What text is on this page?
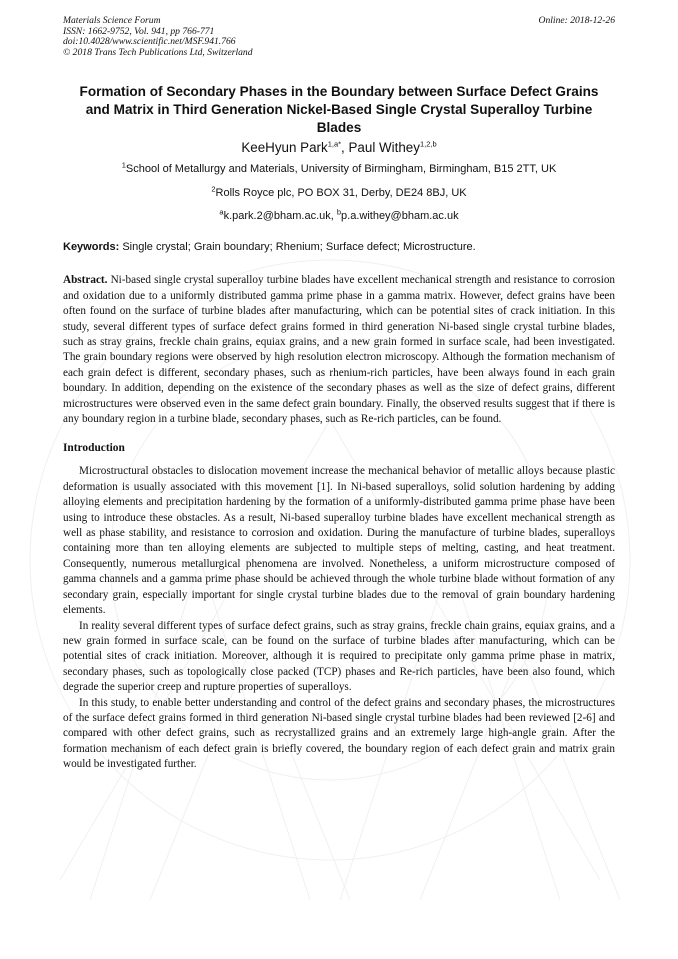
Materials Science Forum
ISSN: 1662-9752, Vol. 941, pp 766-771
doi:10.4028/www.scientific.net/MSF.941.766
© 2018 Trans Tech Publications Ltd, Switzerland
Online: 2018-12-26
Formation of Secondary Phases in the Boundary between Surface Defect Grains and Matrix in Third Generation Nickel-Based Single Crystal Superalloy Turbine Blades
KeeHyun Park$^{1,a*}$, Paul Withey$^{1,2,b}$
$^1$School of Metallurgy and Materials, University of Birmingham, Birmingham, B15 2TT, UK
$^2$Rolls Royce plc, PO BOX 31, Derby, DE24 8BJ, UK
$^a$k.park.2@bham.ac.uk, $^b$p.a.withey@bham.ac.uk
Keywords: Single crystal; Grain boundary; Rhenium; Surface defect; Microstructure.
Abstract. Ni-based single crystal superalloy turbine blades have excellent mechanical strength and resistance to corrosion and oxidation due to a uniformly distributed gamma prime phase in a gamma matrix. However, defect grains have been often found on the surface of turbine blades after manufacturing, which can be potential sites of crack initiation. In this study, several different types of surface defect grains formed in third generation Ni-based single crystal turbine blades, such as stray grains, freckle chain grains, equiax grains, and a new grain formed in surface scale, had been investigated. The grain boundary regions were observed by high resolution electron microscopy. Although the formation mechanism of each grain defect is different, secondary phases, such as rhenium-rich particles, have been always found in each grain boundary. In addition, depending on the existence of the secondary phases as well as the size of defect grains, different microstructures were observed even in the same defect grain boundary. Finally, the observed results suggest that if there is any boundary region in a turbine blade, secondary phases, such as Re-rich particles, can be found.
Introduction

Microstructural obstacles to dislocation movement increase the mechanical behavior of metallic alloys because plastic deformation is usually associated with this movement [1]. In Ni-based superalloys, solid solution hardening by adding alloying elements and precipitation hardening by the formation of a uniformly-distributed gamma prime phase have been using to introduce these obstacles. As a result, Ni-based superalloy turbine blades have excellent mechanical strength as well as phase stability, and resistance to corrosion and oxidation. During the manufacture of turbine blades, superalloys containing more than ten alloying elements are subjected to multiple steps of melting, casting, and heat treatment. Consequently, numerous metallurgical phenomena are involved. Nonetheless, a uniform microstructure composed of gamma channels and a gamma prime phase should be achieved through the whole turbine blade without formation of any secondary grain, especially important for single crystal turbine blades due to the removal of grain boundary hardening elements.

In reality several different types of surface defect grains, such as stray grains, freckle chain grains, equiax grains, and a new grain formed in surface scale, can be found on the surface of turbine blades after manufacturing, which can be potential sites of crack initiation. Moreover, although it is required to precipitate only gamma prime phase in matrix, secondary phases, such as topologically close packed (TCP) phases and Re-rich particles, have been also found, which degrade the superior creep and rupture properties of superalloys.

In this study, to enable better understanding and control of the defect grains and secondary phases, the microstructures of the surface defect grains formed in third generation Ni-based single crystal turbine blades had been reviewed [2-6] and compared with other defect grains, such as recrystallized grains and an extremely large high-angle grain. After the formation mechanism of each defect grain is briefly covered, the boundary region of each defect grain and matrix grain would be investigated further.
